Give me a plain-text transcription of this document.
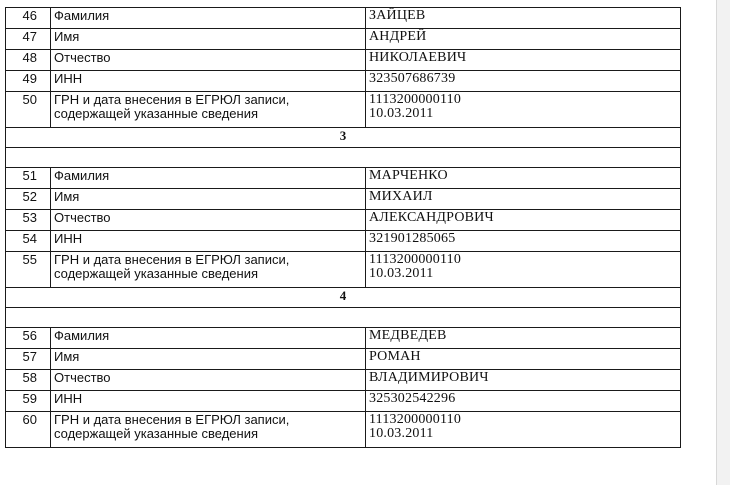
46	Фамилия	ЗАЙЦЕВ

47	Имя	АНДРЕЙ

48	Отчество	НИКОЛАЕВИЧ

49	ИНН	323507686739

50	ГРН и дата внесения в ЕГРЮЛ записи,
содержащей указанные сведения	1113200000110
10.03.2011

3		

51	Фамилия	МАРЧЕНКО

52	Имя	МИХАИЛ

53	Отчество	АЛЕКСАНДРОВИЧ

54	ИНН	321901285065

55	ГРН и дата внесения в ЕГРЮЛ записи,
содержащей указанные сведения	1113200000110
10.03.2011

4		

56	Фамилия	МЕДВЕДЕВ

57	Имя	РОМАН

58	Отчество	ВЛАДИМИРОВИЧ

59	ИНН	325302542296

60	ГРН и дата внесения в ЕГРЮЛ записи,
содержащей указанные сведения	1113200000110
10.03.2011
